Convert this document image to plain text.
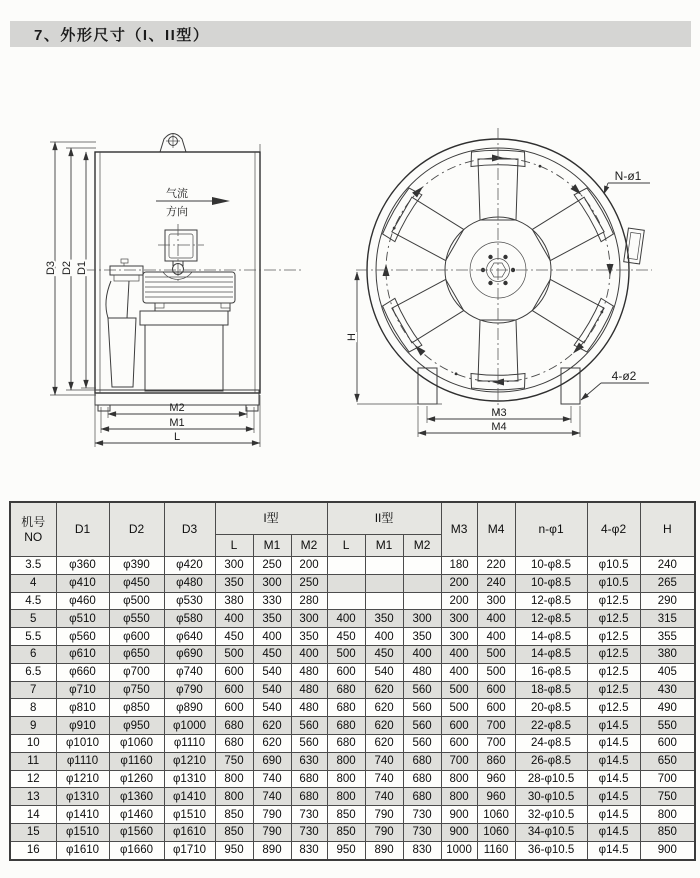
7、外形尺寸（I、II型）
气流
方向
M2
M1
L
D3 D2 D1
H
M3
M4
N-ø1
4-ø2
机号
NO	D1	D2	D3	I型			II型			M3	M4	n-φ1	4-φ2	H
				L	M1	M2	L	M1	M2					
3.5	φ360	φ390	φ420	300	250	200				180	220	10-φ8.5	φ10.5	240
4	φ410	φ450	φ480	350	300	250				200	240	10-φ8.5	φ10.5	265
4.5	φ460	φ500	φ530	380	330	280				200	300	12-φ8.5	φ12.5	290
5	φ510	φ550	φ580	400	350	300	400	350	300	300	400	12-φ8.5	φ12.5	315
5.5	φ560	φ600	φ640	450	400	350	450	400	350	300	400	14-φ8.5	φ12.5	355
6	φ610	φ650	φ690	500	450	400	500	450	400	400	500	14-φ8.5	φ12.5	380
6.5	φ660	φ700	φ740	600	540	480	600	540	480	400	500	16-φ8.5	φ12.5	405
7	φ710	φ750	φ790	600	540	480	680	620	560	500	600	18-φ8.5	φ12.5	430
8	φ810	φ850	φ890	600	540	480	680	620	560	500	600	20-φ8.5	φ12.5	490
9	φ910	φ950	φ1000	680	620	560	680	620	560	600	700	22-φ8.5	φ14.5	550
10	φ1010	φ1060	φ1110	680	620	560	680	620	560	600	700	24-φ8.5	φ14.5	600
11	φ1110	φ1160	φ1210	750	690	630	800	740	680	700	860	26-φ8.5	φ14.5	650
12	φ1210	φ1260	φ1310	800	740	680	800	740	680	800	960	28-φ10.5	φ14.5	700
13	φ1310	φ1360	φ1410	800	740	680	800	740	680	800	960	30-φ10.5	φ14.5	750
14	φ1410	φ1460	φ1510	850	790	730	850	790	730	900	1060	32-φ10.5	φ14.5	800
15	φ1510	φ1560	φ1610	850	790	730	850	790	730	900	1060	34-φ10.5	φ14.5	850
16	φ1610	φ1660	φ1710	950	890	830	950	890	830	1000	1160	36-φ10.5	φ14.5	900
